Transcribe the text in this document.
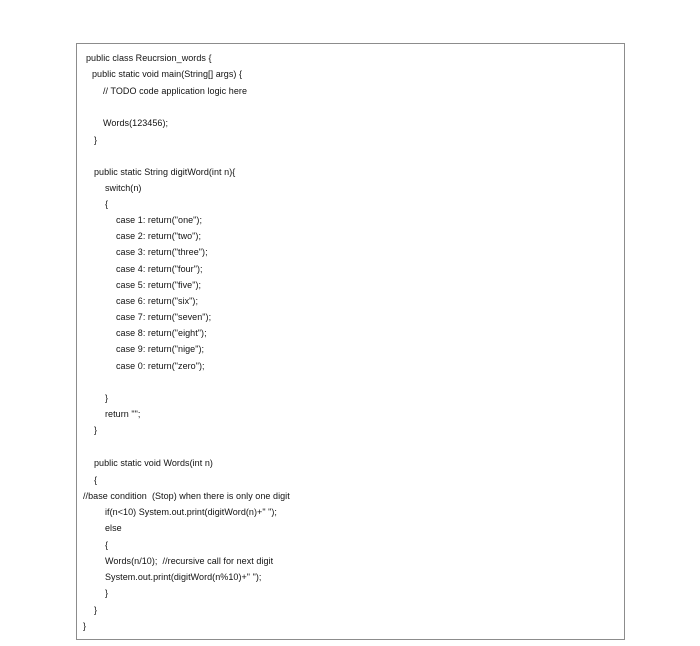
public class Reucrsion_words {
public static void main(String[] args) {
// TODO code application logic here
Words(123456);
}
public static String digitWord(int n){
switch(n)
{
case 1: return("one");
case 2: return("two");
case 3: return("three");
case 4: return("four");
case 5: return("five");
case 6: return("six");
case 7: return("seven");
case 8: return("eight");
case 9: return("nige");
case 0: return("zero");
}
return "";
}
public static void Words(int n)
{
//base condition  (Stop) when there is only one digit
if(n<10) System.out.print(digitWord(n)+" ");
else
{
Words(n/10);  //recursive call for next digit
System.out.print(digitWord(n%10)+" ");
}
}
}
